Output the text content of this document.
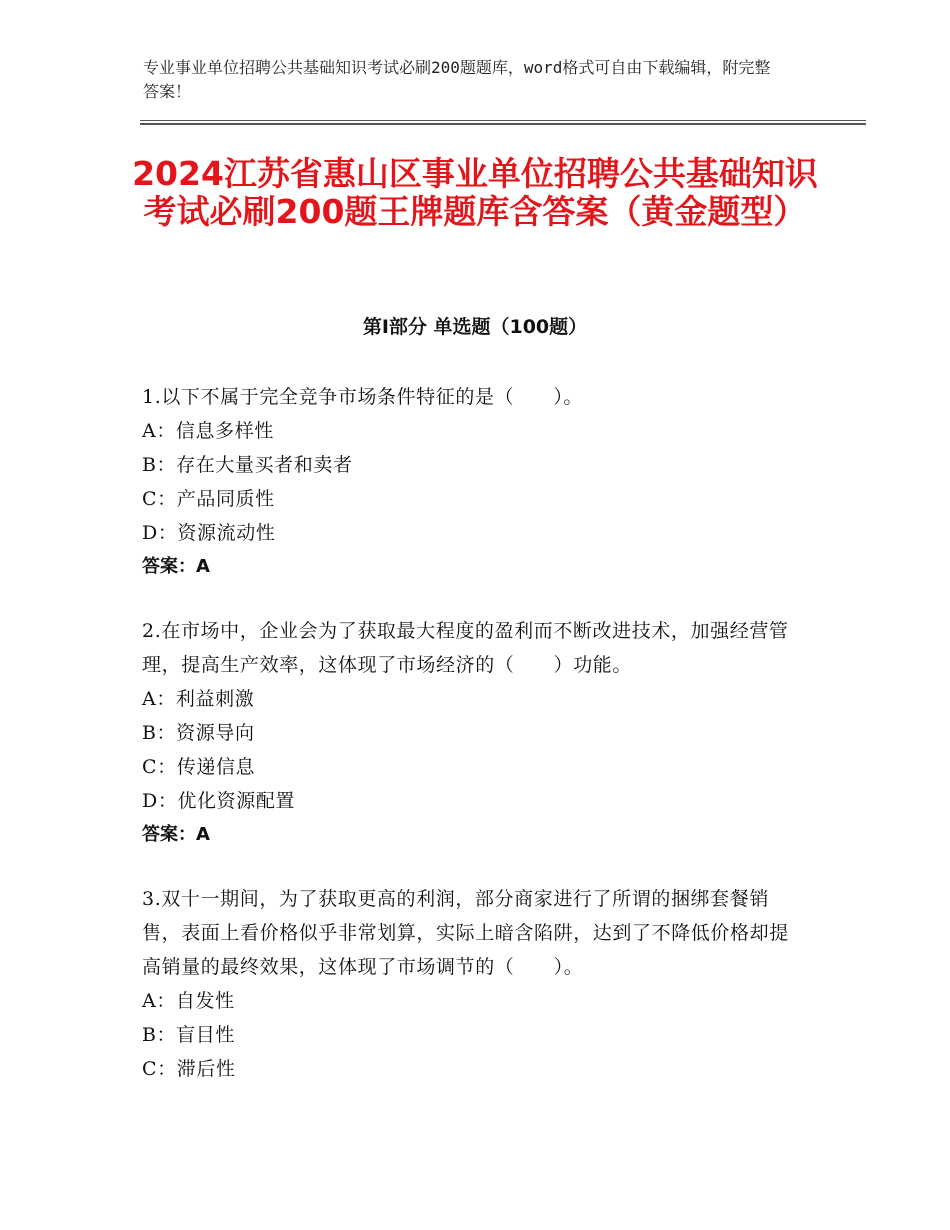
专业事业单位招聘公共基础知识考试必刷200题题库，word格式可自由下载编辑，附完整答案！
2024江苏省惠山区事业单位招聘公共基础知识考试必刷200题王牌题库含答案（黄金题型）
第Ⅰ部分 单选题（100题）

1.以下不属于完全竞争市场条件特征的是（　　）。

A：信息多样性

B：存在大量买者和卖者

C：产品同质性

D：资源流动性

答案：A

2.在市场中，企业会为了获取最大程度的盈利而不断改进技术，加强经营管理，提高生产效率，这体现了市场经济的（　　）功能。

A：利益刺激

B：资源导向

C：传递信息

D：优化资源配置

答案：A

3.双十一期间，为了获取更高的利润，部分商家进行了所谓的捆绑套餐销售，表面上看价格似乎非常划算，实际上暗含陷阱，达到了不降低价格却提高销量的最终效果，这体现了市场调节的（　　）。

A：自发性

B：盲目性

C：滞后性
